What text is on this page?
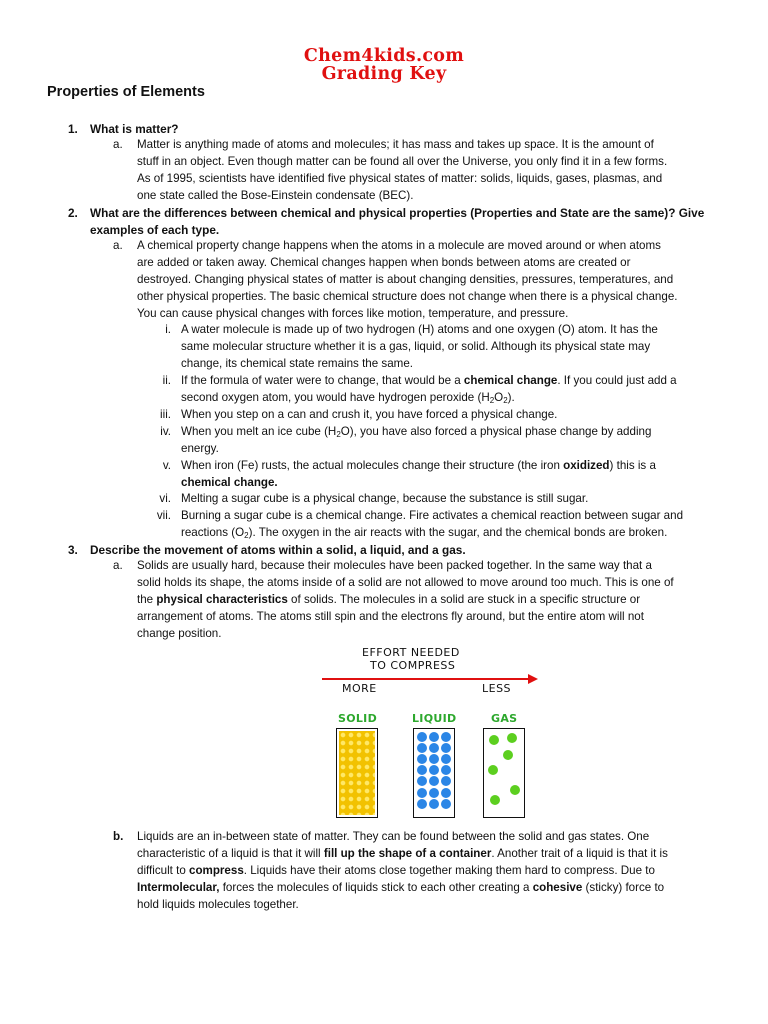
Chem4kids.com
Grading Key
Properties of Elements
1. What is matter?
a. Matter is anything made of atoms and molecules; it has mass and takes up space. It is the amount of
stuff in an object. Even though matter can be found all over the Universe, you only find it in a few forms.
As of 1995, scientists have identified five physical states of matter: solids, liquids, gases, plasmas, and
one state called the Bose-Einstein condensate (BEC).
2. What are the differences between chemical and physical properties (Properties and State are the same)? Give
examples of each type.
a. A chemical property change happens when the atoms in a molecule are moved around or when atoms
are added or taken away. Chemical changes happen when bonds between atoms are created or
destroyed. Changing physical states of matter is about changing densities, pressures, temperatures, and
other physical properties. The basic chemical structure does not change when there is a physical change.
You can cause physical changes with forces like motion, temperature, and pressure.
i. A water molecule is made up of two hydrogen (H) atoms and one oxygen (O) atom. It has the
same molecular structure whether it is a gas, liquid, or solid. Although its physical state may
change, its chemical state remains the same.
ii. If the formula of water were to change, that would be a chemical change. If you could just add a
second oxygen atom, you would have hydrogen peroxide $(H_2O_2)$.
iii. When you step on a can and crush it, you have forced a physical change.
iv. When you melt an ice cube $(H_2O)$, you have also forced a physical phase change by adding
energy.
v. When iron (Fe) rusts, the actual molecules change their structure (the iron oxidized) this is a
chemical change.
vi. Melting a sugar cube is a physical change, because the substance is still sugar.
vii. Burning a sugar cube is a chemical change. Fire activates a chemical reaction between sugar and
reactions $(O_2)$. The oxygen in the air reacts with the sugar, and the chemical bonds are broken.
3. Describe the movement of atoms within a solid, a liquid, and a gas.
a. Solids are usually hard, because their molecules have been packed together. In the same way that a
solid holds its shape, the atoms inside of a solid are not allowed to move around too much. This is one of
the physical characteristics of solids. The molecules in a solid are stuck in a specific structure or
arrangement of atoms. The atoms still spin and the electrons fly around, but the entire atom will not
change position.
EFFORT NEEDED
TO COMPRESS
MORE	LESS
SOLID	LIQUID	GAS
b. Liquids are an in-between state of matter. They can be found between the solid and gas states. One
characteristic of a liquid is that it will fill up the shape of a container. Another trait of a liquid is that it is
difficult to compress. Liquids have their atoms close together making them hard to compress. Due to
Intermolecular, forces the molecules of liquids stick to each other creating a cohesive (sticky) force to
hold liquids molecules together.
